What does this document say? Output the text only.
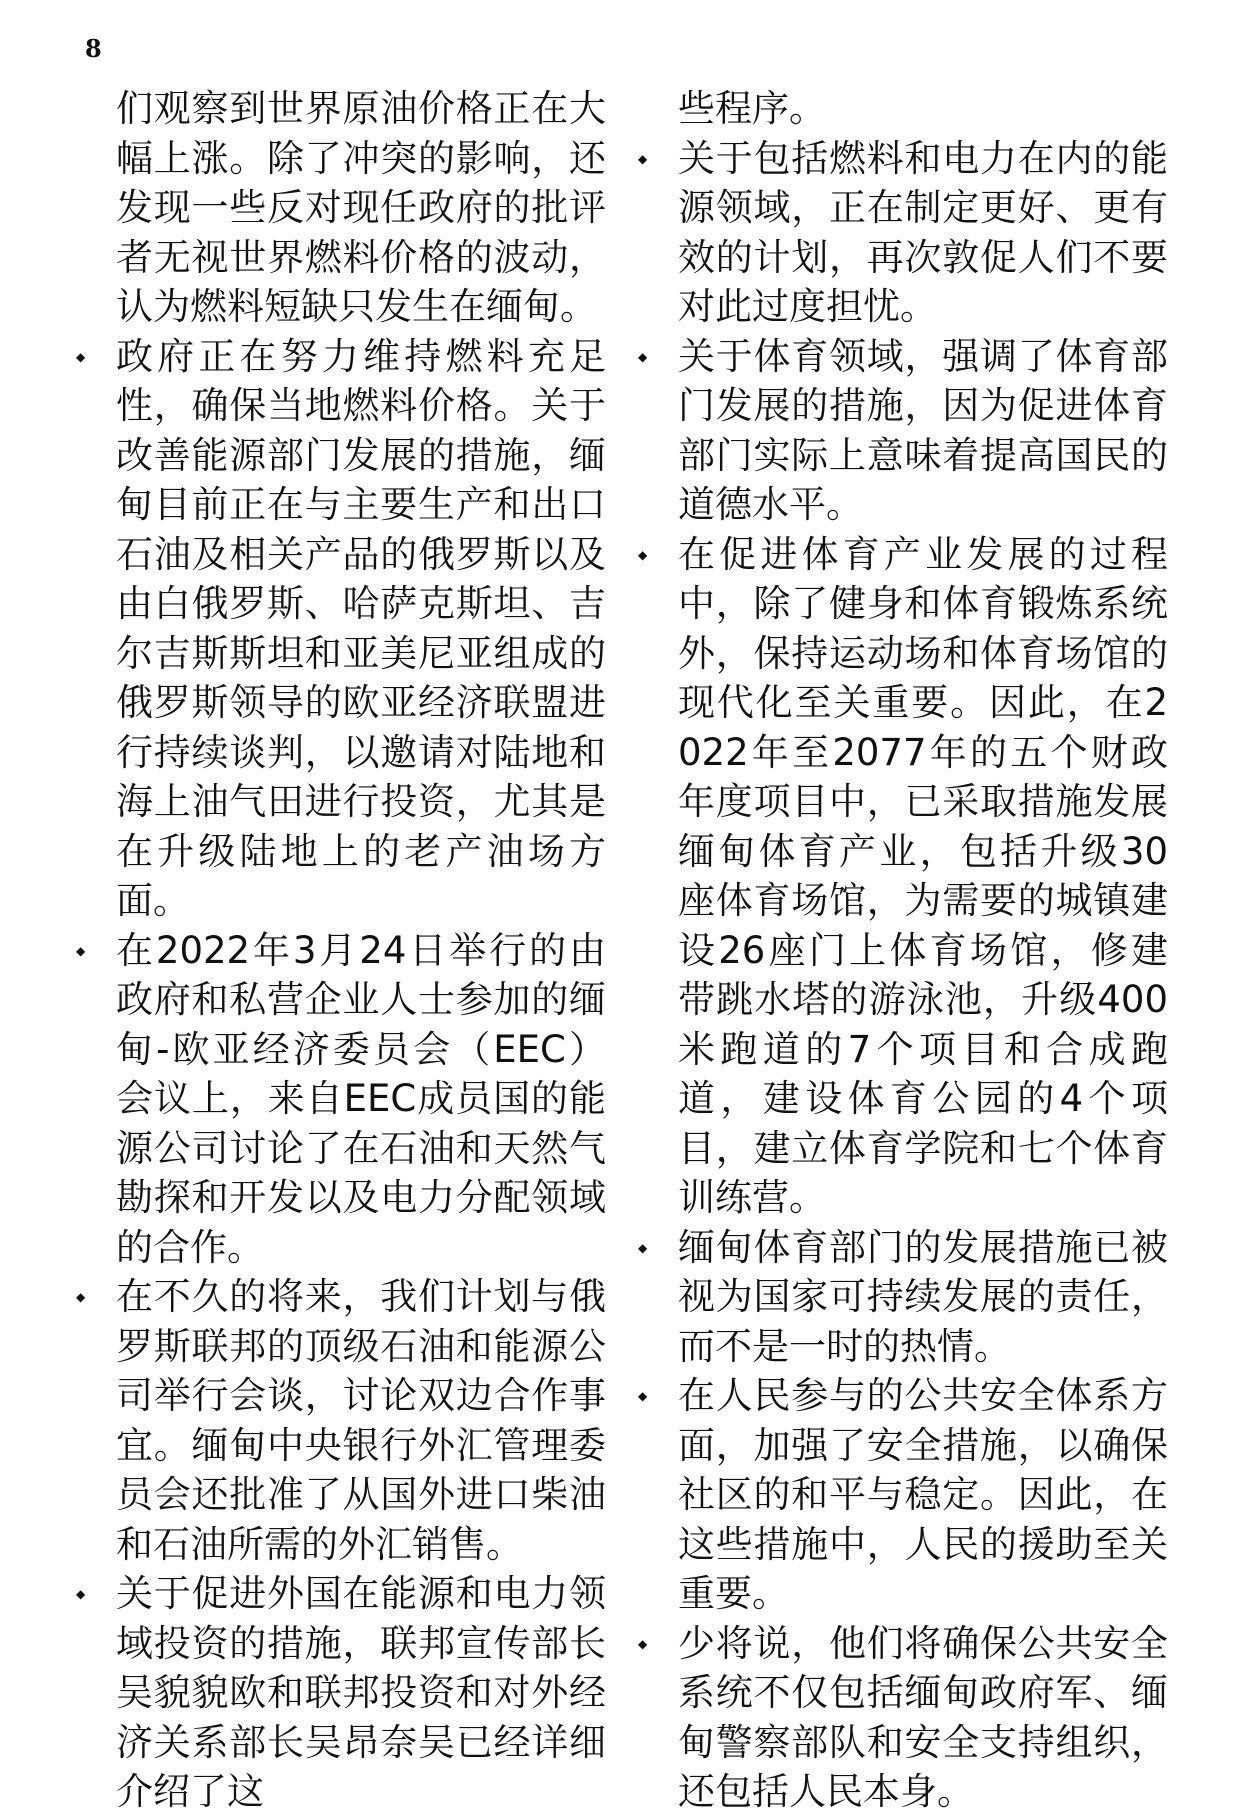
8

们观察到世界原油价格正在大幅上涨。除了冲突的影响，还发现一些反对现任政府的批评者无视世界燃料价格的波动，认为燃料短缺只发生在缅甸。

◆ 政府正在努力维持燃料充足性，确保当地燃料价格。关于改善能源部门发展的措施，缅甸目前正在与主要生产和出口石油及相关产品的俄罗斯以及由白俄罗斯、哈萨克斯坦、吉尔吉斯斯坦和亚美尼亚组成的俄罗斯领导的欧亚经济联盟进行持续谈判，以邀请对陆地和海上油气田进行投资，尤其是在升级陆地上的老产油场方面。

◆ 在2022年3月24日举行的由政府和私营企业人士参加的缅甸-欧亚经济委员会（EEC）会议上，来自EEC成员国的能源公司讨论了在石油和天然气勘探和开发以及电力分配领域的合作。

◆ 在不久的将来，我们计划与俄罗斯联邦的顶级石油和能源公司举行会谈，讨论双边合作事宜。缅甸中央银行外汇管理委员会还批准了从国外进口柴油和石油所需的外汇销售。

◆ 关于促进外国在能源和电力领域投资的措施，联邦宣传部长吴貌貌欧和联邦投资和对外经济关系部长吴昂奈吴已经详细介绍了这

些程序。

◆ 关于包括燃料和电力在内的能源领域，正在制定更好、更有效的计划，再次敦促人们不要对此过度担忧。

◆ 关于体育领域，强调了体育部门发展的措施，因为促进体育部门实际上意味着提高国民的道德水平。

◆ 在促进体育产业发展的过程中，除了健身和体育锻炼系统外，保持运动场和体育场馆的现代化至关重要。因此，在2022年至2077年的五个财政年度项目中，已采取措施发展缅甸体育产业，包括升级30座体育场馆，为需要的城镇建设26座门上体育场馆，修建带跳水塔的游泳池，升级400米跑道的7个项目和合成跑道，建设体育公园的4个项目，建立体育学院和七个体育训练营。

◆ 缅甸体育部门的发展措施已被视为国家可持续发展的责任，而不是一时的热情。

◆ 在人民参与的公共安全体系方面，加强了安全措施，以确保社区的和平与稳定。因此，在这些措施中，人民的援助至关重要。

◆ 少将说，他们将确保公共安全系统不仅包括缅甸政府军、缅甸警察部队和安全支持组织，还包括人民本身。
